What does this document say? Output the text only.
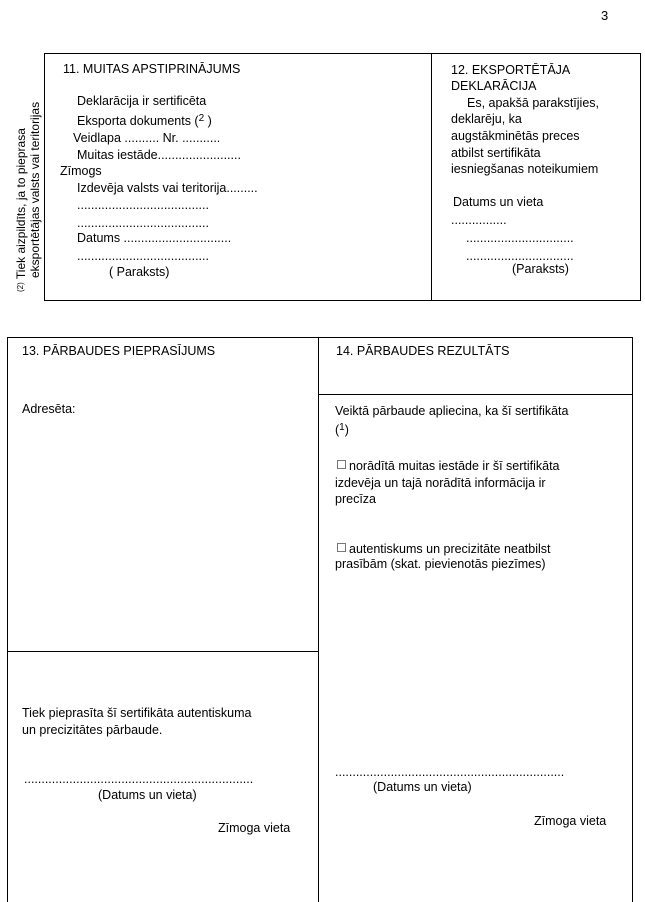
3
(2) Tiek aizpildīts, ja to pieprasa eksportētājas valsts vai teritorijas
11. MUITAS APSTIPRINĀJUMS
Deklarācija ir sertificēta
Eksporta dokuments ($^2$ )
Veidlapa .......... Nr. ...........
Muitas iestāde........................
Zīmogs
Izdevēja valsts vai teritorija.........
......................................
......................................
Datums ...............................
......................................
( Paraksts)
12. EKSPORTĒTĀJA
DEKLARĀCIJA
Es, apakšā parakstījies,
deklarēju, ka
augstākminētās preces
atbilst sertifikāta
iesniegšanas noteikumiem
Datums un vieta
................
...............................
...............................
(Paraksts)
13. PĀRBAUDES PIEPRASĪJUMS
Adresēta:
Tiek pieprasīta šī sertifikāta autentiskuma
un precizitātes pārbaude.
..................................................................
(Datums un vieta)
Zīmoga vieta
14. PĀRBAUDES REZULTĀTS
Veiktā pārbaude apliecina, ka šī sertifikāta
($^1$)
norādītā muitas iestāde ir šī sertifikāta
izdevēja un tajā norādītā informācija ir
precīza
autentiskums un precizitāte neatbilst
prasībām (skat. pievienotās piezīmes)
..................................................................
(Datums un vieta)
Zīmoga vieta
